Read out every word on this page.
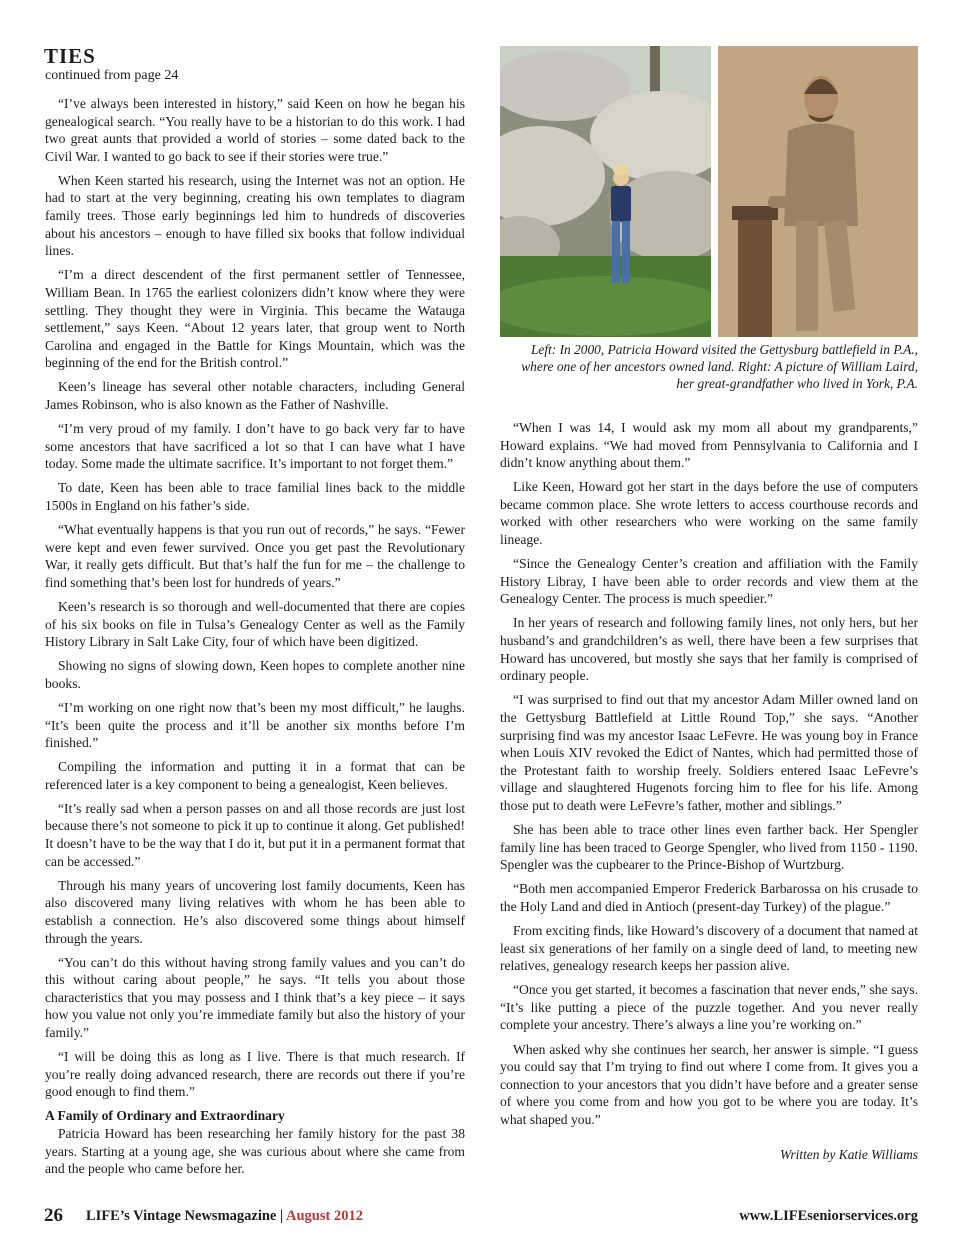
TIES
continued from page 24

“I’ve always been interested in history,” said Keen on how he began his genealogical search. “You really have to be a historian to do this work. I had two great aunts that provided a world of stories – some dated back to the Civil War. I wanted to go back to see if their stories were true.”

When Keen started his research, using the Internet was not an option. He had to start at the very beginning, creating his own templates to diagram family trees. Those early beginnings led him to hundreds of discoveries about his ancestors – enough to have filled six books that follow individual lines.

“I’m a direct descendent of the first permanent settler of Tennessee, William Bean. In 1765 the earliest colonizers didn’t know where they were settling. They thought they were in Virginia. This became the Watauga settlement,” says Keen. “About 12 years later, that group went to North Carolina and engaged in the Battle for Kings Mountain, which was the beginning of the end for the British control.”

Keen’s lineage has several other notable characters, including General James Robinson, who is also known as the Father of Nashville.

“I’m very proud of my family. I don’t have to go back very far to have some ancestors that have sacrificed a lot so that I can have what I have today. Some made the ultimate sacrifice. It’s important to not forget them.”

To date, Keen has been able to trace familial lines back to the middle 1500s in England on his father’s side.

“What eventually happens is that you run out of records,” he says. “Fewer were kept and even fewer survived. Once you get past the Revolutionary War, it really gets difficult. But that’s half the fun for me – the challenge to find something that’s been lost for hundreds of years.”

Keen’s research is so thorough and well-documented that there are copies of his six books on file in Tulsa’s Genealogy Center as well as the Family History Library in Salt Lake City, four of which have been digitized.

Showing no signs of slowing down, Keen hopes to complete another nine books.

“I’m working on one right now that’s been my most difficult,” he laughs. “It’s been quite the process and it’ll be another six months before I’m finished.”

Compiling the information and putting it in a format that can be referenced later is a key component to being a genealogist, Keen believes.

“It’s really sad when a person passes on and all those records are just lost because there’s not someone to pick it up to continue it along. Get published! It doesn’t have to be the way that I do it, but put it in a permanent format that can be accessed.”

Through his many years of uncovering lost family documents, Keen has also discovered many living relatives with whom he has been able to establish a connection. He’s also discovered some things about himself through the years.

“You can’t do this without having strong family values and you can’t do this without caring about people,” he says. “It tells you about those characteristics that you may possess and I think that’s a key piece – it says how you value not only you’re immediate family but also the history of your family.”

“I will be doing this as long as I live. There is that much research. If you’re really doing advanced research, there are records out there if you’re good enough to find them.”

A Family of Ordinary and Extraordinary

Patricia Howard has been researching her family history for the past 38 years. Starting at a young age, she was curious about where she came from and the people who came before her.

Left: In 2000, Patricia Howard visited the Gettysburg battlefield in P.A., where one of her ancestors owned land. Right: A picture of William Laird, her great-grandfather who lived in York, P.A.

“When I was 14, I would ask my mom all about my grandparents,” Howard explains. “We had moved from Pennsylvania to California and I didn’t know anything about them.”

Like Keen, Howard got her start in the days before the use of computers became common place. She wrote letters to access courthouse records and worked with other researchers who were working on the same family lineage.

“Since the Genealogy Center’s creation and affiliation with the Family History Libray, I have been able to order records and view them at the Genealogy Center. The process is much speedier.”

In her years of research and following family lines, not only hers, but her husband’s and grandchildren’s as well, there have been a few surprises that Howard has uncovered, but mostly she says that her family is comprised of ordinary people.

“I was surprised to find out that my ancestor Adam Miller owned land on the Gettysburg Battlefield at Little Round Top,” she says. “Another surprising find was my ancestor Isaac LeFevre. He was young boy in France when Louis XIV revoked the Edict of Nantes, which had permitted those of the Protestant faith to worship freely. Soldiers entered Isaac LeFevre’s village and slaughtered Hugenots forcing him to flee for his life. Among those put to death were LeFevre’s father, mother and siblings.”

She has been able to trace other lines even farther back. Her Spengler family line has been traced to George Spengler, who lived from 1150 - 1190. Spengler was the cupbearer to the Prince-Bishop of Wurtzburg.

“Both men accompanied Emperor Frederick Barbarossa on his crusade to the Holy Land and died in Antioch (present-day Turkey) of the plague.”

From exciting finds, like Howard’s discovery of a document that named at least six generations of her family on a single deed of land, to meeting new relatives, genealogy research keeps her passion alive.

“Once you get started, it becomes a fascination that never ends,” she says. “It’s like putting a piece of the puzzle together. And you never really complete your ancestry. There’s always a line you’re working on.”

When asked why she continues her search, her answer is simple. “I guess you could say that I’m trying to find out where I come from. It gives you a connection to your ancestors that you didn’t have before and a greater sense of where you come from and how you got to be where you are today. It’s what shaped you.”

Written by Katie Williams
26 LIFE’s Vintage Newsmagazine | August 2012	www.LIFEseniorservices.org
